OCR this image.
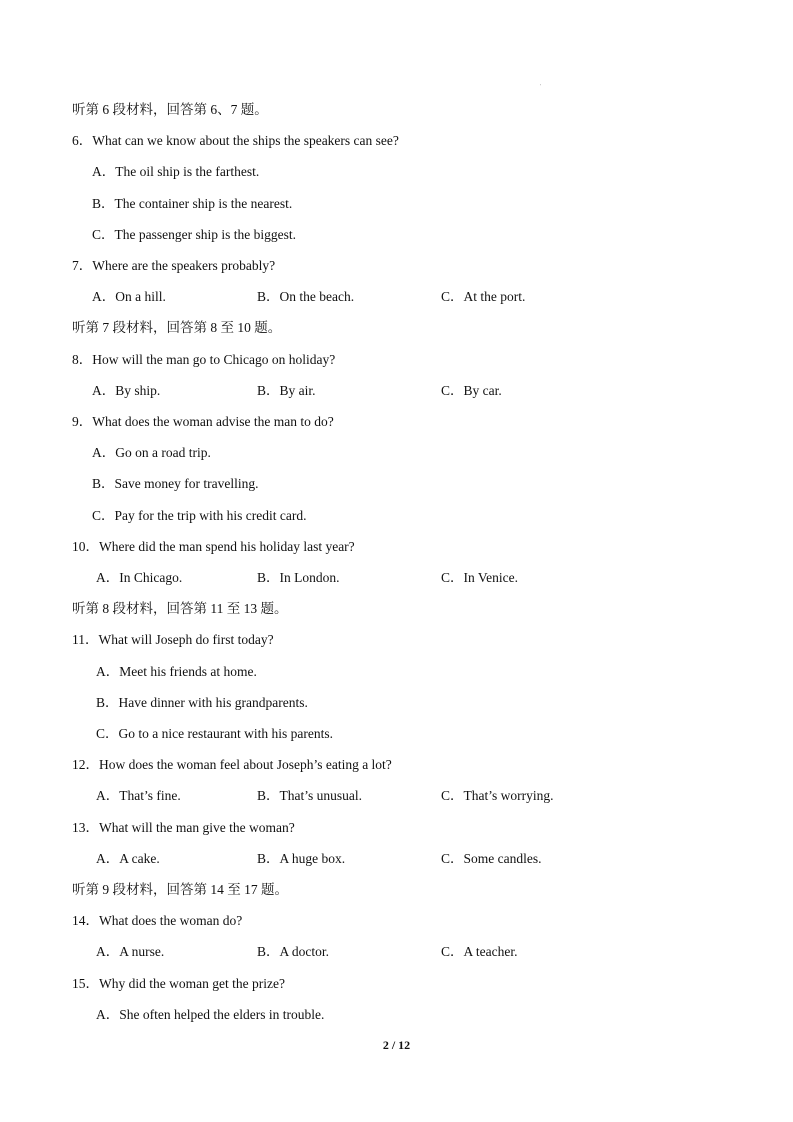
'
听第 6 段材料，回答第 6、7 题。
6．What can we know about the ships the speakers can see?
A．The oil ship is the farthest.
B．The container ship is the nearest.
C．The passenger ship is the biggest.
7．Where are the speakers probably?
A．On a hill.	B．On the beach.	C．At the port.
听第 7 段材料，回答第 8 至 10 题。
8．How will the man go to Chicago on holiday?
A．By ship.	B．By air.	C．By car.
9．What does the woman advise the man to do?
A．Go on a road trip.
B．Save money for travelling.
C．Pay for the trip with his credit card.
10．Where did the man spend his holiday last year?
A．In Chicago.	B．In London.	C．In Venice.
听第 8 段材料，回答第 11 至 13 题。
11．What will Joseph do first today?
A．Meet his friends at home.
B．Have dinner with his grandparents.
C．Go to a nice restaurant with his parents.
12．How does the woman feel about Joseph’s eating a lot?
A．That’s fine.	B．That’s unusual.	C．That’s worrying.
13．What will the man give the woman?
A．A cake.	B．A huge box.	C．Some candles.
听第 9 段材料，回答第 14 至 17 题。
14．What does the woman do?
A．A nurse.	B．A doctor.	C．A teacher.
15．Why did the woman get the prize?
A．She often helped the elders in trouble.
2 / 12
